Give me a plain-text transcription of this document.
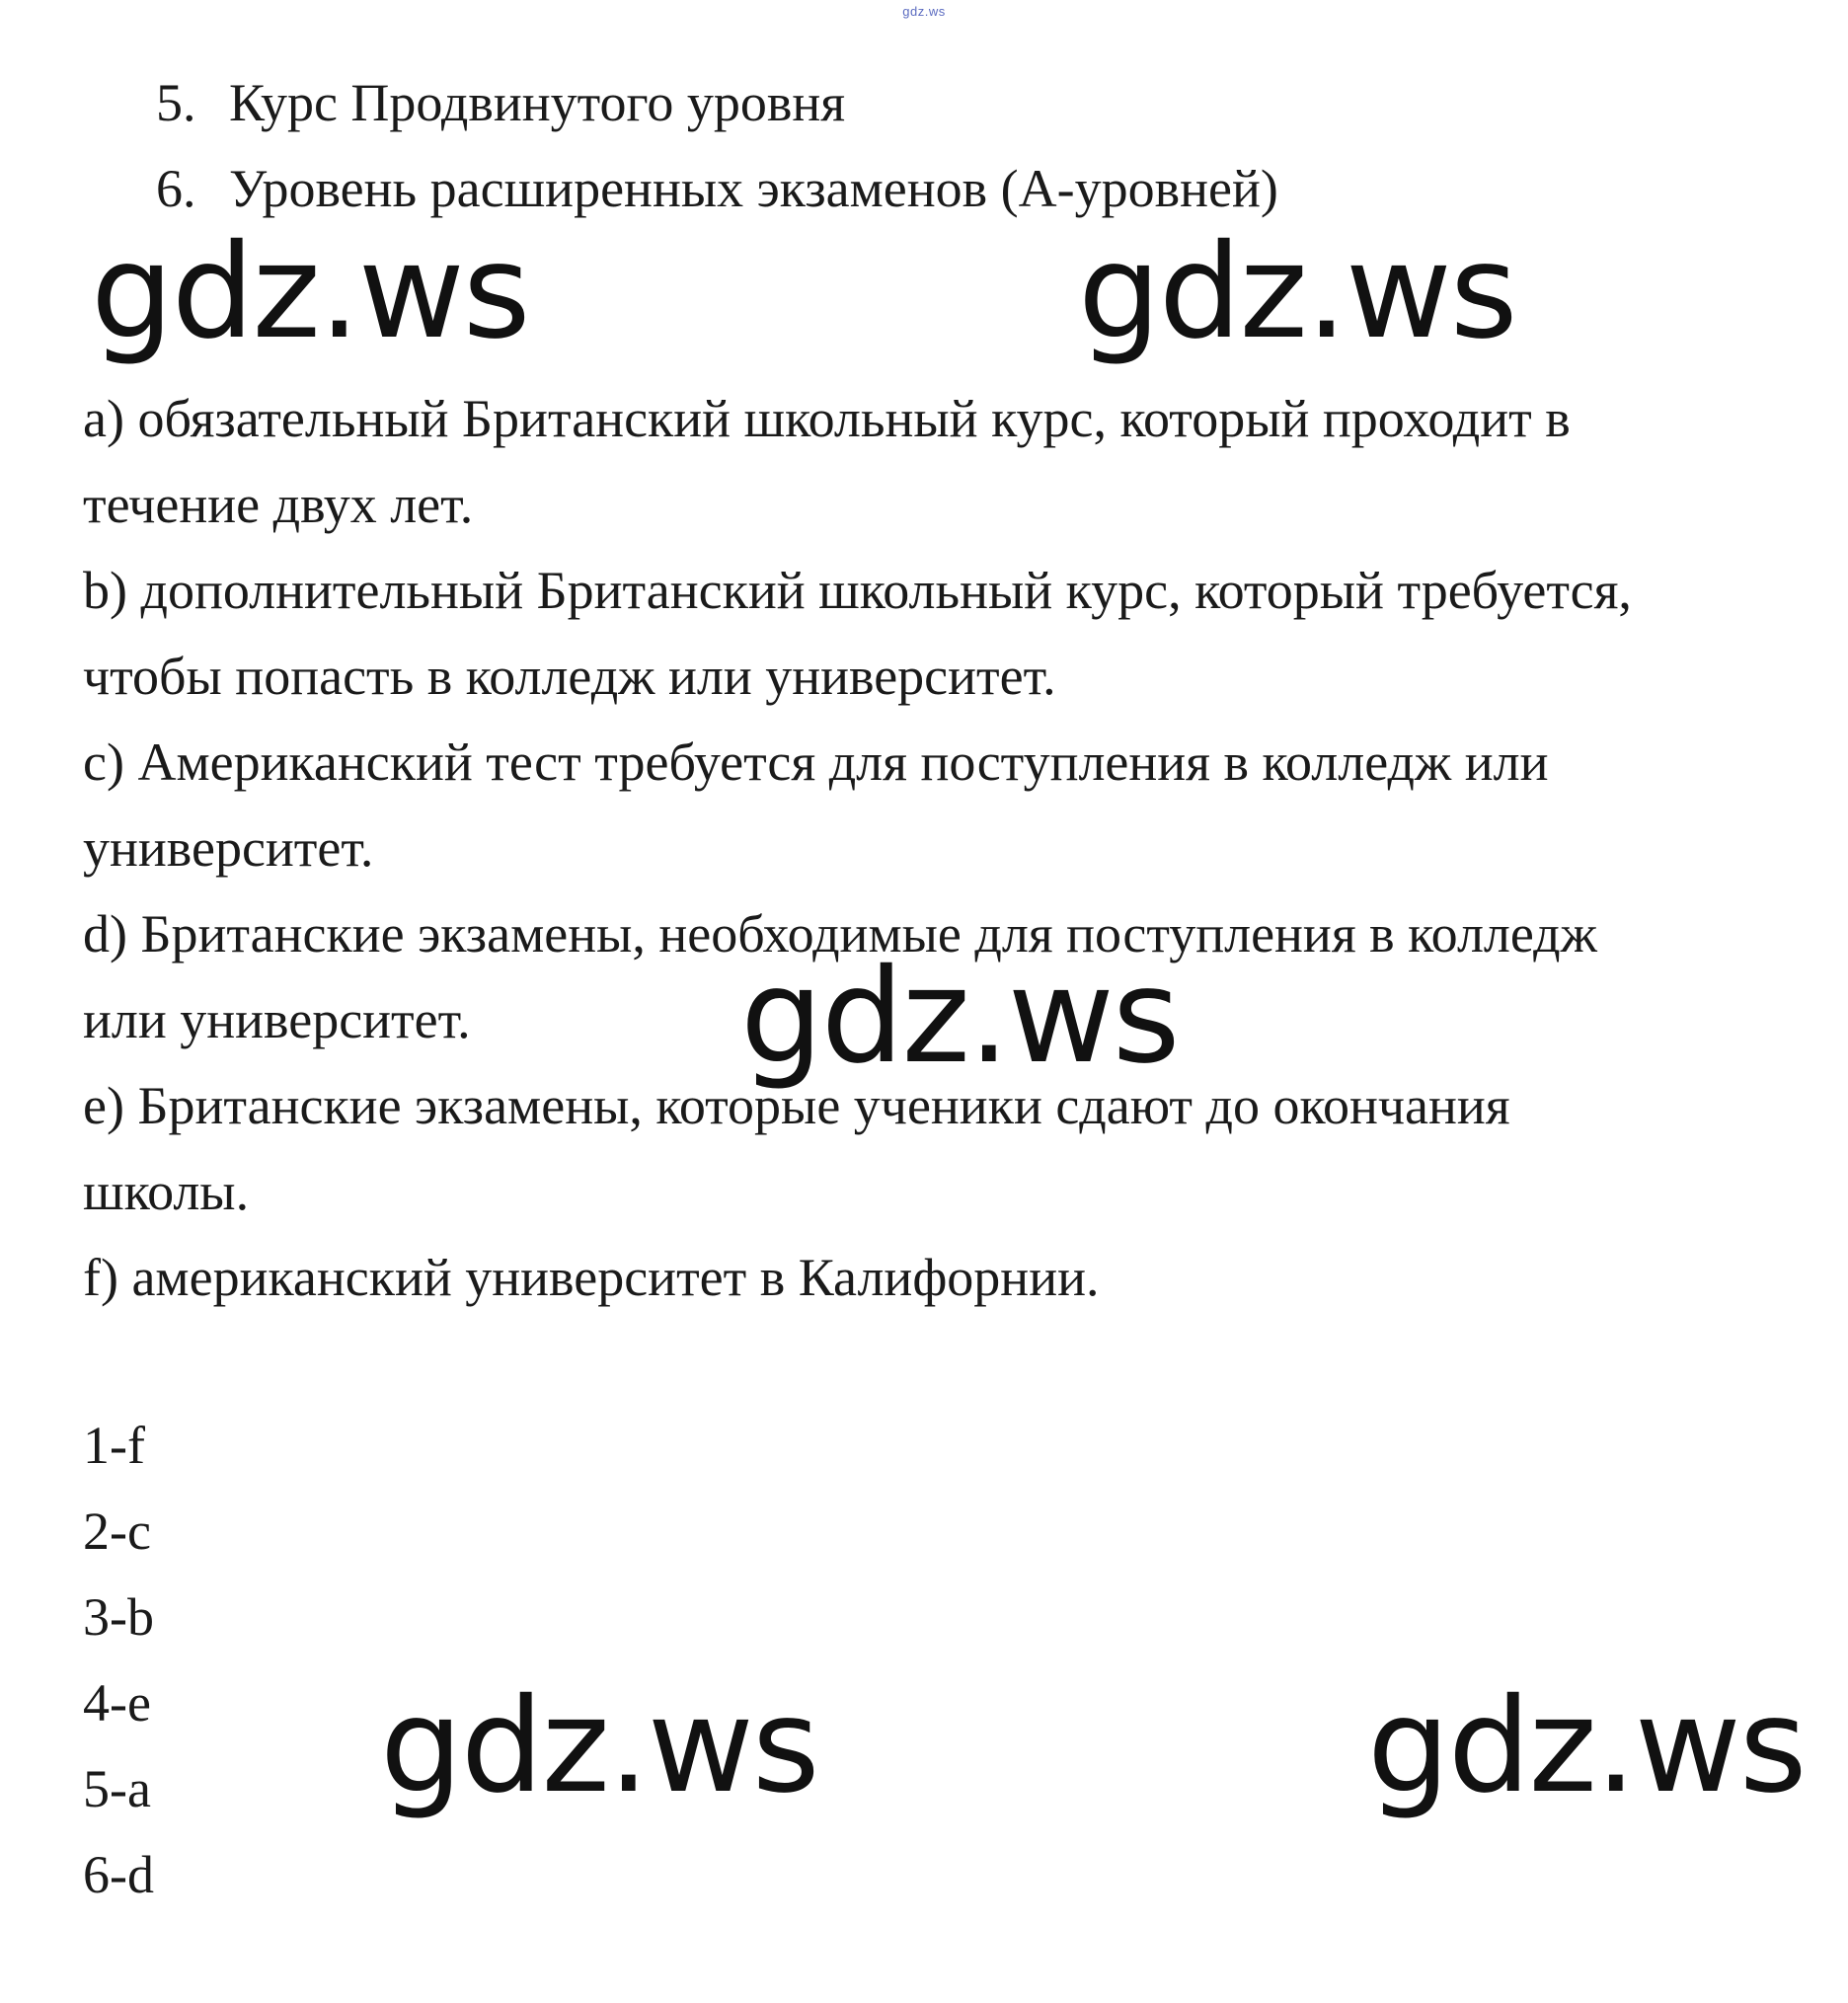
gdz.ws
5. Курс Продвинутого уровня
6. Уровень расширенных экзаменов (А-уровней)
gdz.ws	gdz.ws
a) обязательный Британский школьный курс, который проходит в
течение двух лет.
b) дополнительный Британский школьный курс, который требуется,
чтобы попасть в колледж или университет.
c) Американский тест требуется для поступления в колледж или
университет.
d) Британские экзамены, необходимые для поступления в колледж
или университет. gdz.ws
e) Британские экзамены, которые ученики сдают до окончания
школы.
f) американский университет в Калифорнии.
1-f
2-c
3-b
4-e
5-a
6-d
gdz.ws	gdz.ws
